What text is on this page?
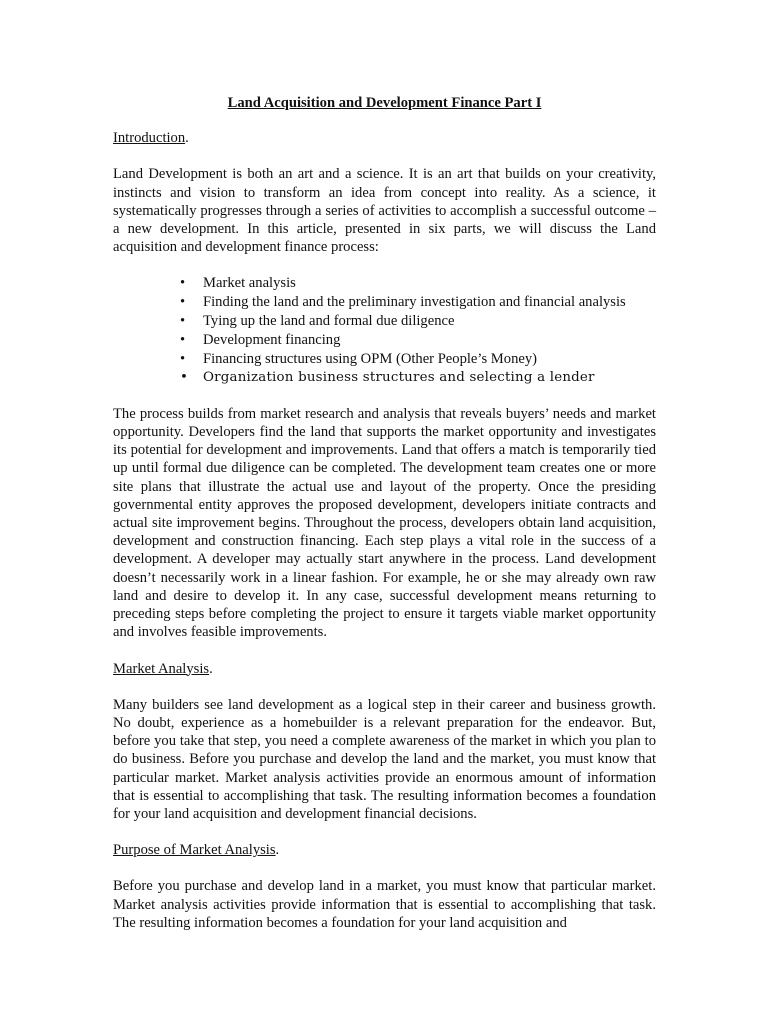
Land Acquisition and Development Finance Part I
Introduction.

Land Development is both an art and a science. It is an art that builds on your creativity, instincts and vision to transform an idea from concept into reality. As a science, it systematically progresses through a series of activities to accomplish a successful outcome – a new development. In this article, presented in six parts, we will discuss the Land acquisition and development finance process:

• Market analysis
• Finding the land and the preliminary investigation and financial analysis
• Tying up the land and formal due diligence
• Development financing
• Financing structures using OPM (Other People’s Money)
• Organization business structures and selecting a lender

The process builds from market research and analysis that reveals buyers’ needs and market opportunity. Developers find the land that supports the market opportunity and investigates its potential for development and improvements. Land that offers a match is temporarily tied up until formal due diligence can be completed. The development team creates one or more site plans that illustrate the actual use and layout of the property. Once the presiding governmental entity approves the proposed development, developers initiate contracts and actual site improvement begins. Throughout the process, developers obtain land acquisition, development and construction financing. Each step plays a vital role in the success of a development. A developer may actually start anywhere in the process. Land development doesn’t necessarily work in a linear fashion. For example, he or she may already own raw land and desire to develop it. In any case, successful development means returning to preceding steps before completing the project to ensure it targets viable market opportunity and involves feasible improvements.

Market Analysis.

Many builders see land development as a logical step in their career and business growth. No doubt, experience as a homebuilder is a relevant preparation for the endeavor. But, before you take that step, you need a complete awareness of the market in which you plan to do business. Before you purchase and develop the land and the market, you must know that particular market. Market analysis activities provide an enormous amount of information that is essential to accomplishing that task. The resulting information becomes a foundation for your land acquisition and development financial decisions.

Purpose of Market Analysis.

Before you purchase and develop land in a market, you must know that particular market. Market analysis activities provide information that is essential to accomplishing that task. The resulting information becomes a foundation for your land acquisition and
